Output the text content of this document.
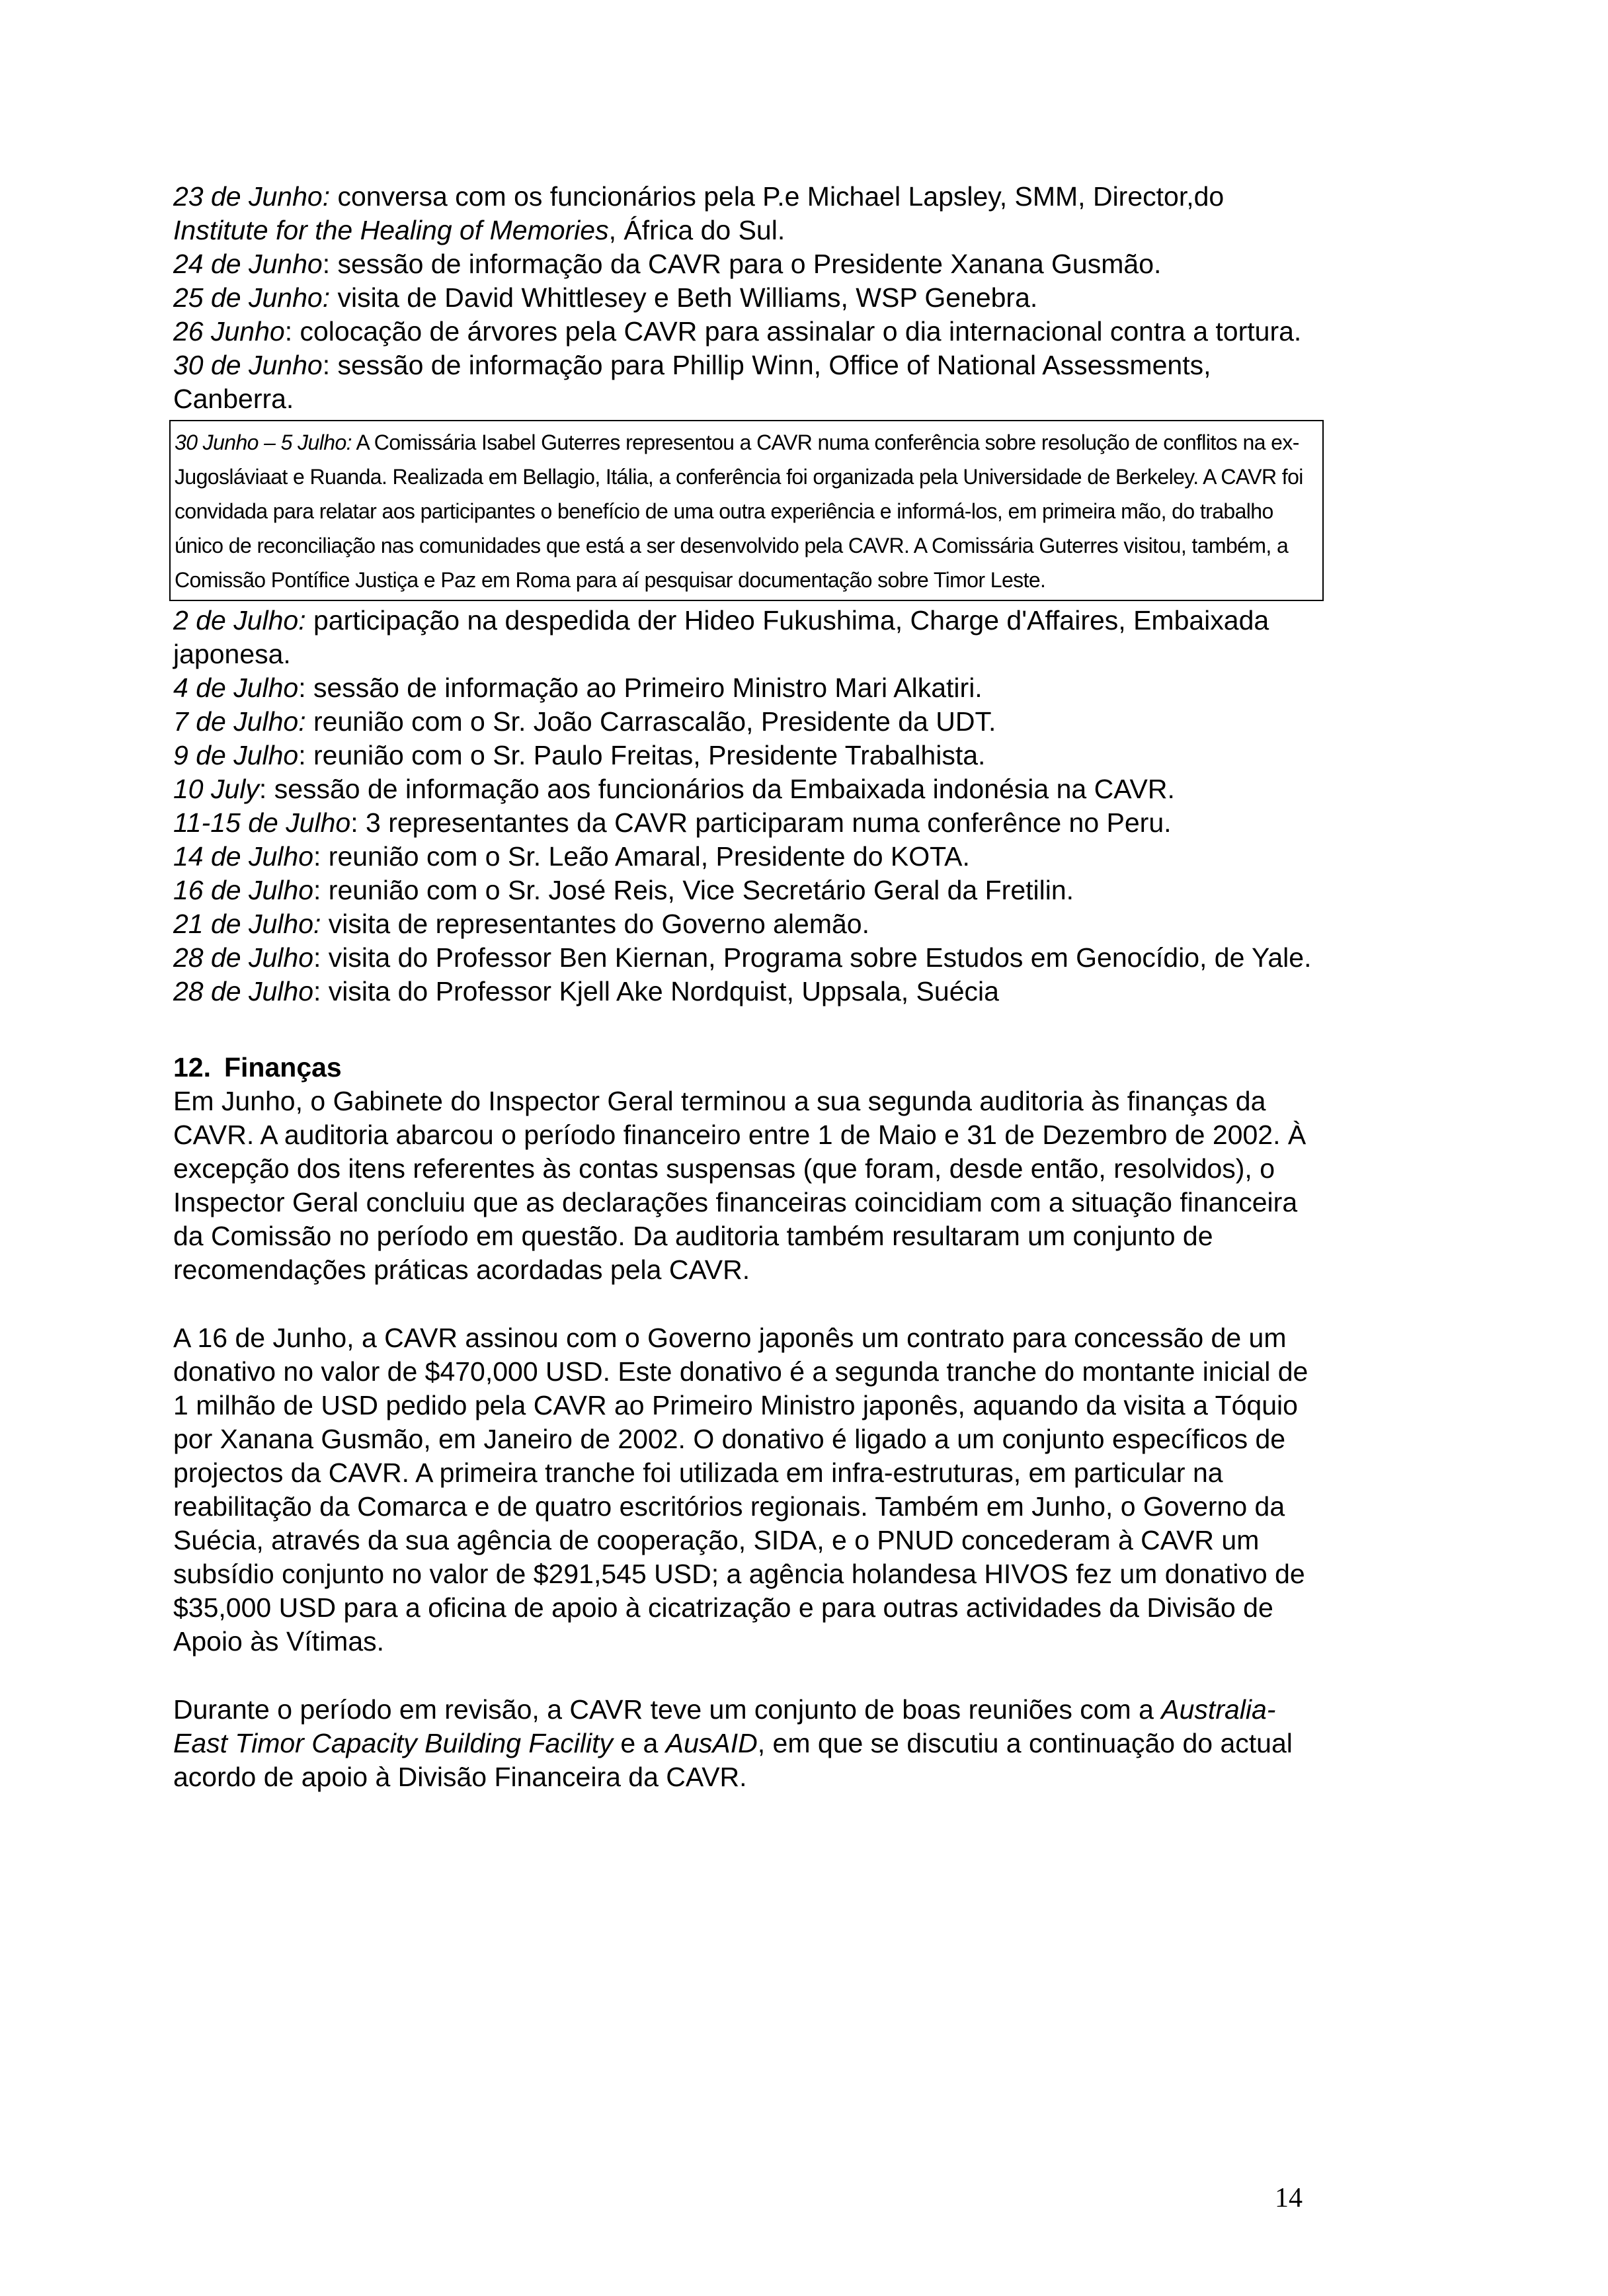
23 de Junho: conversa com os funcionários pela P.e Michael Lapsley, SMM, Director,do Institute for the Healing of Memories, África do Sul.

24 de Junho: sessão de informação da CAVR para o Presidente Xanana Gusmão.

25 de Junho: visita de David Whittlesey e Beth Williams, WSP Genebra.

26 Junho: colocação de árvores pela CAVR para assinalar o dia internacional contra a tortura.

30 de Junho: sessão de informação para Phillip Winn, Office of National Assessments, Canberra.

30 Junho – 5 Julho: A Comissária Isabel Guterres representou a CAVR numa conferência sobre resolução de conflitos na ex-Jugosláviaat e Ruanda. Realizada em Bellagio, Itália, a conferência foi organizada pela Universidade de Berkeley. A CAVR foi convidada para relatar aos participantes o benefício de uma outra experiência e informá-los, em primeira mão, do trabalho único de reconciliação nas comunidades que está a ser desenvolvido pela CAVR. A Comissária Guterres visitou, também, a Comissão Pontífice Justiça e Paz em Roma para aí pesquisar documentação sobre Timor Leste.

2 de Julho: participação na despedida der Hideo Fukushima, Charge d'Affaires, Embaixada japonesa.

4 de Julho: sessão de informação ao Primeiro Ministro Mari Alkatiri.

7 de Julho: reunião com o Sr. João Carrascalão, Presidente da UDT.

9 de Julho: reunião com o Sr. Paulo Freitas, Presidente Trabalhista.

10 July: sessão de informação aos funcionários da Embaixada indonésia na CAVR.

11-15 de Julho: 3 representantes da CAVR participaram numa conferênce no Peru.

14 de Julho: reunião com o Sr. Leão Amaral, Presidente do KOTA.

16 de Julho: reunião com o Sr. José Reis, Vice Secretário Geral da Fretilin.

21 de Julho: visita de representantes do Governo alemão.

28 de Julho: visita do Professor Ben Kiernan, Programa sobre Estudos em Genocídio, de Yale.

28 de Julho: visita do Professor Kjell Ake Nordquist, Uppsala, Suécia

12. Finanças

Em Junho, o Gabinete do Inspector Geral terminou a sua segunda auditoria às finanças da CAVR. A auditoria abarcou o período financeiro entre 1 de Maio e 31 de Dezembro de 2002. À excepção dos itens referentes às contas suspensas (que foram, desde então, resolvidos), o Inspector Geral concluiu que as declarações financeiras coincidiam com a situação financeira da Comissão no período em questão. Da auditoria também resultaram um conjunto de recomendações práticas acordadas pela CAVR.

A 16 de Junho, a CAVR assinou com o Governo japonês um contrato para concessão de um donativo no valor de $470,000 USD. Este donativo é a segunda tranche do montante inicial de 1 milhão de USD pedido pela CAVR ao Primeiro Ministro japonês, aquando da visita a Tóquio por Xanana Gusmão, em Janeiro de 2002. O donativo é ligado a um conjunto específicos de projectos da CAVR. A primeira tranche foi utilizada em infra-estruturas, em particular na reabilitação da Comarca e de quatro escritórios regionais. Também em Junho, o Governo da Suécia, através da sua agência de cooperação, SIDA, e o PNUD concederam à CAVR um subsídio conjunto no valor de $291,545 USD; a agência holandesa HIVOS fez um donativo de $35,000 USD para a oficina de apoio à cicatrização e para outras actividades da Divisão de Apoio às Vítimas.

Durante o período em revisão, a CAVR teve um conjunto de boas reuniões com a Australia-East Timor Capacity Building Facility e a AusAID, em que se discutiu a continuação do actual acordo de apoio à Divisão Financeira da CAVR.

14
